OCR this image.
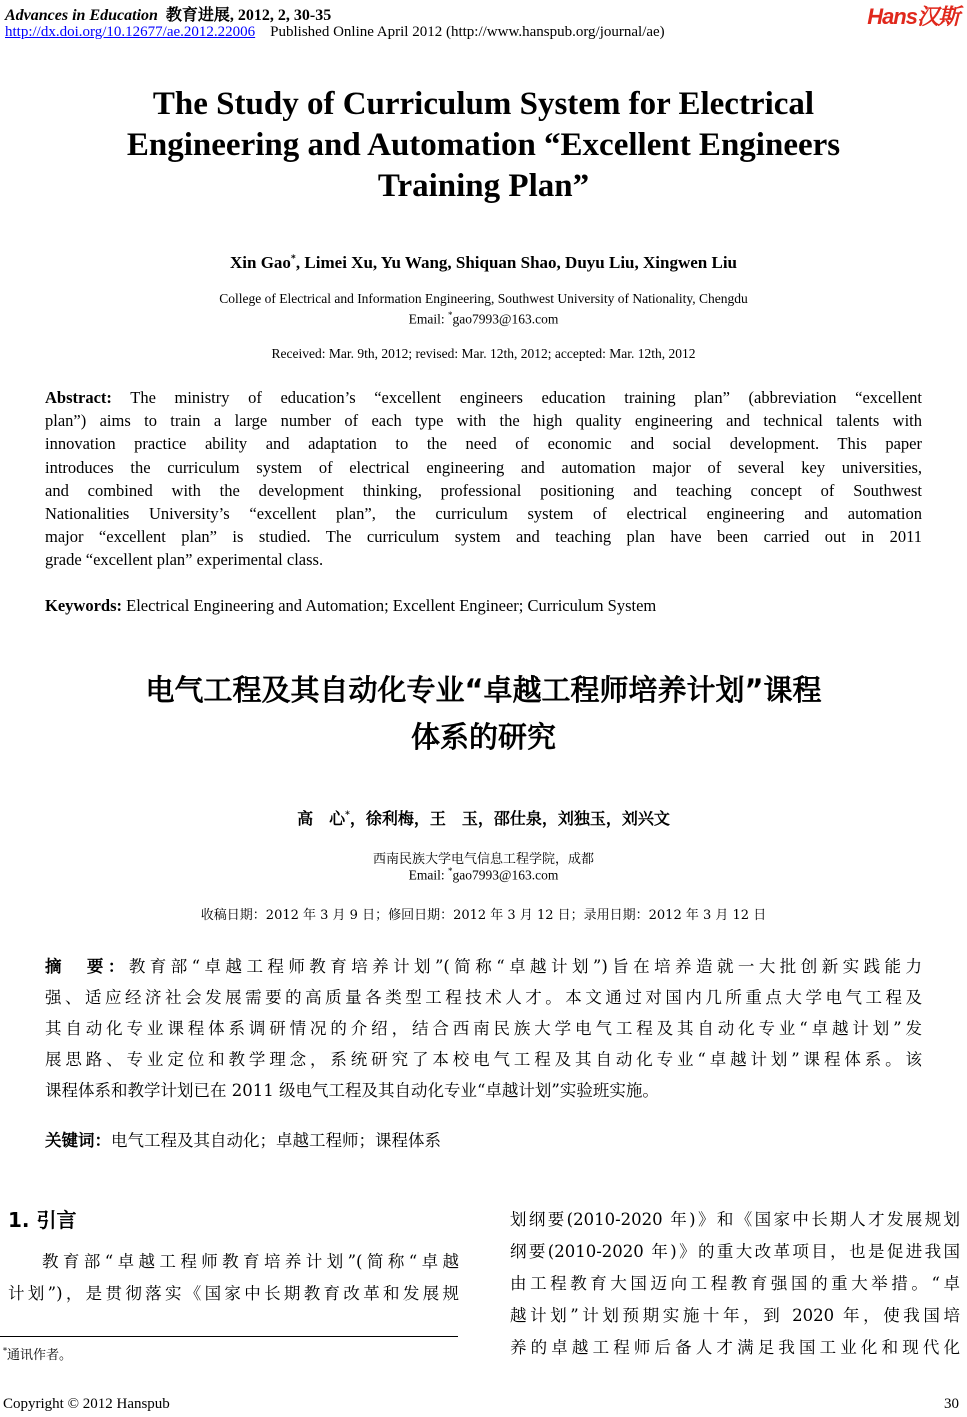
Advances in Education 教育进展, 2012, 2, 30-35
http://dx.doi.org/10.12677/ae.2012.22006 Published Online April 2012 (http://www.hanspub.org/journal/ae)
Hans汉斯
The Study of Curriculum System for Electrical
Engineering and Automation “Excellent Engineers
Training Plan”
Xin Gao*, Limei Xu, Yu Wang, Shiquan Shao, Duyu Liu, Xingwen Liu
College of Electrical and Information Engineering, Southwest University of Nationality, Chengdu
Email: *gao7993@163.com
Received: Mar. 9th, 2012; revised: Mar. 12th, 2012; accepted: Mar. 12th, 2012
Abstract: The ministry of education’s “excellent engineers education training plan” (abbreviation “excellent
plan”) aims to train a large number of each type with the high quality engineering and technical talents with
innovation practice ability and adaptation to the need of economic and social development. This paper
introduces the curriculum system of electrical engineering and automation major of several key universities,
and combined with the development thinking, professional positioning and teaching concept of Southwest
Nationalities University’s “excellent plan”, the curriculum system of electrical engineering and automation
major “excellent plan” is studied. The curriculum system and teaching plan have been carried out in 2011
grade “excellent plan” experimental class.
Keywords: Electrical Engineering and Automation; Excellent Engineer; Curriculum System
电气工程及其自动化专业“卓越工程师培养计划”课程
体系的研究
高　心*，徐利梅，王　玉，邵仕泉，刘独玉，刘兴文
西南民族大学电气信息工程学院，成都
Email: *gao7993@163.com
收稿日期：2012 年 3 月 9 日；修回日期：2012 年 3 月 12 日；录用日期：2012 年 3 月 12 日
摘　要：教育部“卓越工程师教育培养计划”(简称“卓越计划”)旨在培养造就一大批创新实践能力
强、适应经济社会发展需要的高质量各类型工程技术人才。本文通过对国内几所重点大学电气工程及
其自动化专业课程体系调研情况的介绍，结合西南民族大学电气工程及其自动化专业“卓越计划”发
展思路、专业定位和教学理念，系统研究了本校电气工程及其自动化专业“卓越计划”课程体系。该
课程体系和教学计划已在 2011 级电气工程及其自动化专业“卓越计划”实验班实施。
关键词：电气工程及其自动化；卓越工程师；课程体系
1. 引言
教育部“卓越工程师教育培养计划”(简称“卓越
计划”)，是贯彻落实《国家中长期教育改革和发展规
划纲要(2010-2020 年)》和《国家中长期人才发展规划
纲要(2010-2020 年)》的重大改革项目，也是促进我国
由工程教育大国迈向工程教育强国的重大举措。“卓
越计划”计划预期实施十年，到 2020 年，使我国培
养的卓越工程师后备人才满足我国工业化和现代化
*通讯作者。
Copyright © 2012 Hanspub	30
